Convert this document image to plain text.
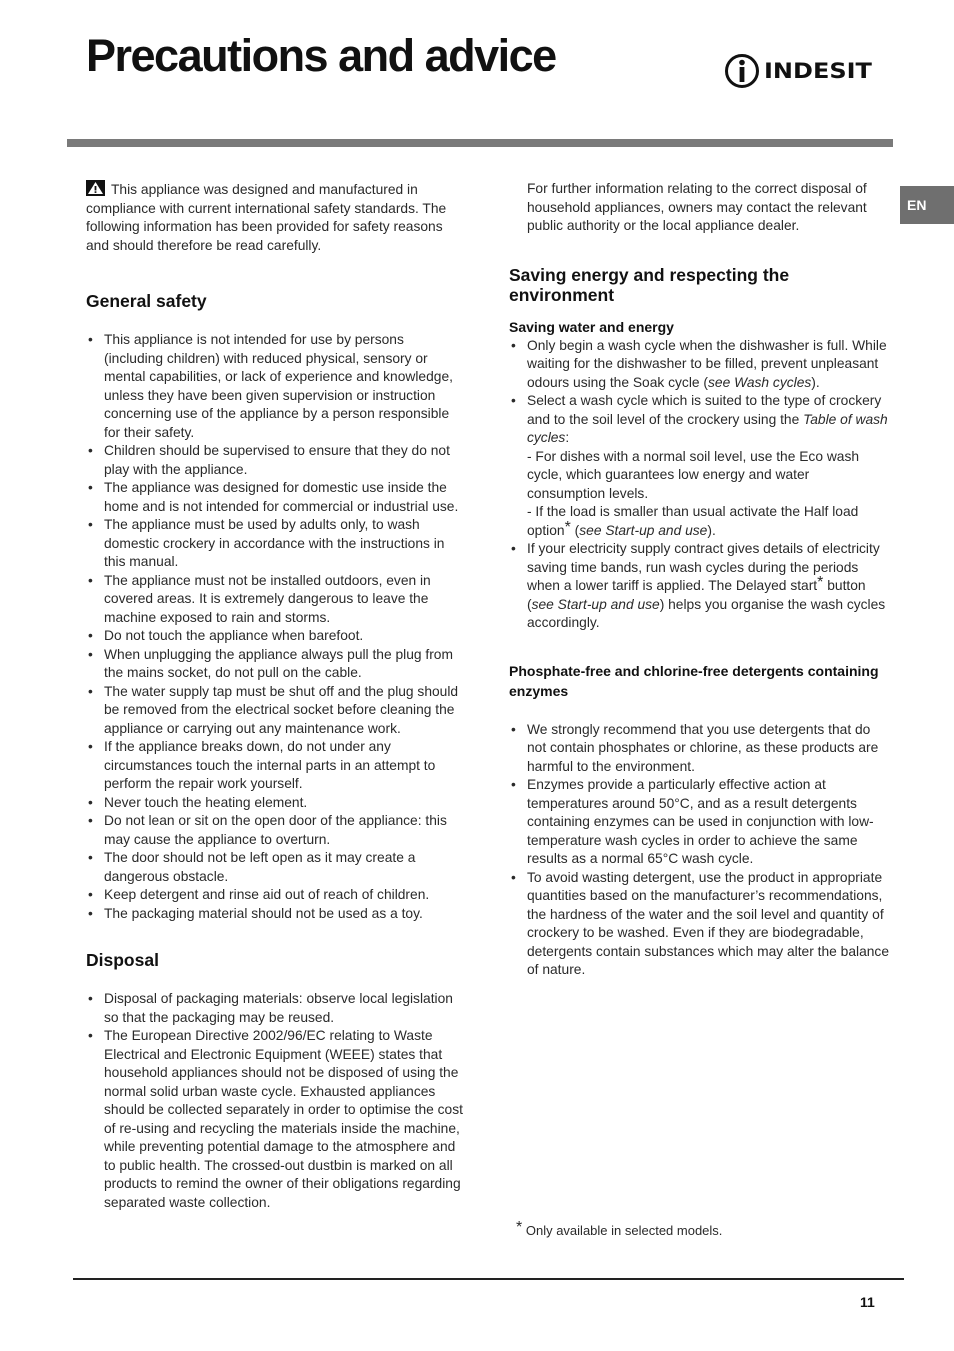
Precautions and advice	INDESIT
EN

This appliance was designed and manufactured in compliance with current international safety standards. The following information has been provided for safety reasons and should therefore be read carefully.

General safety
• This appliance is not intended for use by persons (including children) with reduced physical, sensory or mental capabilities, or lack of experience and knowledge, unless they have been given supervision or instruction concerning use of the appliance by a person responsible for their safety.
• Children should be supervised to ensure that they do not play with the appliance.
• The appliance was designed for domestic use inside the home and is not intended for commercial or industrial use.
• The appliance must be used by adults only, to wash domestic crockery in accordance with the instructions in this manual.
• The appliance must not be installed outdoors, even in covered areas. It is extremely dangerous to leave the machine exposed to rain and storms.
• Do not touch the appliance when barefoot.
• When unplugging the appliance always pull the plug from the mains socket, do not pull on the cable.
• The water supply tap must be shut off and the plug should be removed from the electrical socket before cleaning the appliance or carrying out any maintenance work.
• If the appliance breaks down, do not under any circumstances touch the internal parts in an attempt to perform the repair work yourself.
• Never touch the heating element.
• Do not lean or sit on the open door of the appliance: this may cause the appliance to overturn.
• The door should not be left open as it may create a dangerous obstacle.
• Keep detergent and rinse aid out of reach of children.
• The packaging material should not be used as a toy.
Disposal
• Disposal of packaging materials: observe local legislation so that the packaging may be reused.
• The European Directive 2002/96/EC relating to Waste Electrical and Electronic Equipment (WEEE) states that household appliances should not be disposed of using the normal solid urban waste cycle. Exhausted appliances should be collected separately in order to optimise the cost of re-using and recycling the materials inside the machine, while preventing potential damage to the atmosphere and to public health. The crossed-out dustbin is marked on all products to remind the owner of their obligations regarding separated waste collection.

For further information relating to the correct disposal of household appliances, owners may contact the relevant public authority or the local appliance dealer.

Saving energy and respecting the environment
Saving water and energy
• Only begin a wash cycle when the dishwasher is full. While waiting for the dishwasher to be filled, prevent unpleasant odours using the Soak cycle (see Wash cycles).
• Select a wash cycle which is suited to the type of crockery and to the soil level of the crockery using the Table of wash cycles:
- For dishes with a normal soil level, use the Eco wash cycle, which guarantees low energy and water consumption levels.
- If the load is smaller than usual activate the Half load option* (see Start-up and use).
• If your electricity supply contract gives details of electricity saving time bands, run wash cycles during the periods when a lower tariff is applied. The Delayed start* button (see Start-up and use) helps you organise the wash cycles accordingly.
Phosphate-free and chlorine-free detergents containing enzymes
• We strongly recommend that you use detergents that do not contain phosphates or chlorine, as these products are harmful to the environment.
• Enzymes provide a particularly effective action at temperatures around 50°C, and as a result detergents containing enzymes can be used in conjunction with low-temperature wash cycles in order to achieve the same results as a normal 65°C wash cycle.
• To avoid wasting detergent, use the product in appropriate quantities based on the manufacturer’s recommendations, the hardness of the water and the soil level and quantity of crockery to be washed. Even if they are biodegradable, detergents contain substances which may alter the balance of nature.
* Only available in selected models.
11
